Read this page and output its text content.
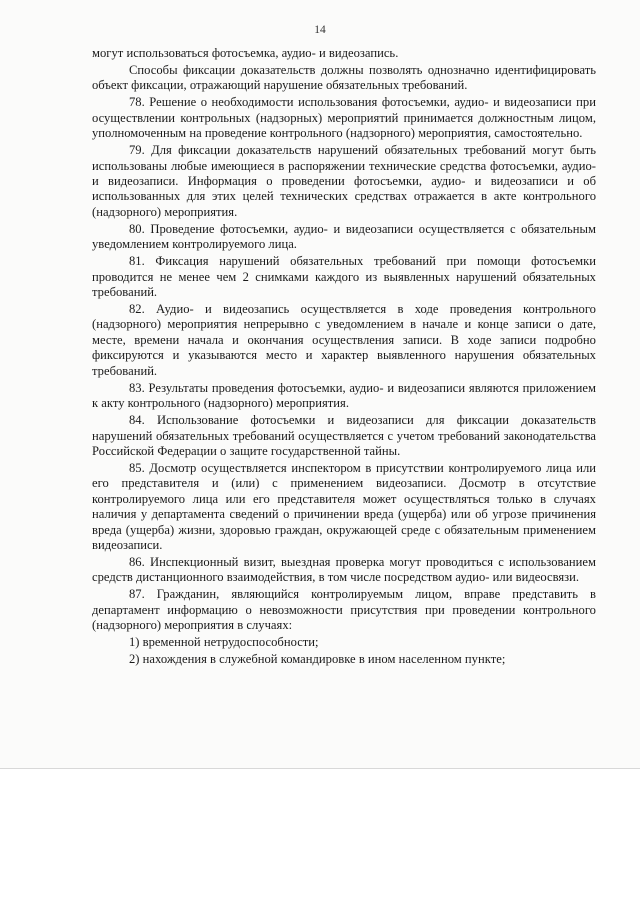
14

могут использоваться фотосъемка, аудио- и видеозапись.

Способы фиксации доказательств должны позволять однозначно идентифицировать объект фиксации, отражающий нарушение обязательных требований.

78. Решение о необходимости использования фотосъемки, аудио- и видеозаписи при осуществлении контрольных (надзорных) мероприятий принимается должностным лицом, уполномоченным на проведение контрольного (надзорного) мероприятия, самостоятельно.

79. Для фиксации доказательств нарушений обязательных требований могут быть использованы любые имеющиеся в распоряжении технические средства фотосъемки, аудио- и видеозаписи. Информация о проведении фотосъемки, аудио- и видеозаписи и об использованных для этих целей технических средствах отражается в акте контрольного (надзорного) мероприятия.

80. Проведение фотосъемки, аудио- и видеозаписи осуществляется с обязательным уведомлением контролируемого лица.

81. Фиксация нарушений обязательных требований при помощи фотосъемки проводится не менее чем 2 снимками каждого из выявленных нарушений обязательных требований.

82. Аудио- и видеозапись осуществляется в ходе проведения контрольного (надзорного) мероприятия непрерывно с уведомлением в начале и конце записи о дате, месте, времени начала и окончания осуществления записи. В ходе записи подробно фиксируются и указываются место и характер выявленного нарушения обязательных требований.

83. Результаты проведения фотосъемки, аудио- и видеозаписи являются приложением к акту контрольного (надзорного) мероприятия.

84. Использование фотосъемки и видеозаписи для фиксации доказательств нарушений обязательных требований осуществляется с учетом требований законодательства Российской Федерации о защите государственной тайны.

85. Досмотр осуществляется инспектором в присутствии контролируемого лица или его представителя и (или) с применением видеозаписи. Досмотр в отсутствие контролируемого лица или его представителя может осуществляться только в случаях наличия у департамента сведений о причинении вреда (ущерба) или об угрозе причинения вреда (ущерба) жизни, здоровью граждан, окружающей среде с обязательным применением видеозаписи.

86. Инспекционный визит, выездная проверка могут проводиться с использованием средств дистанционного взаимодействия, в том числе посредством аудио- или видеосвязи.

87. Гражданин, являющийся контролируемым лицом, вправе представить в департамент информацию о невозможности присутствия при проведении контрольного (надзорного) мероприятия в случаях:

1) временной нетрудоспособности;

2) нахождения в служебной командировке в ином населенном пункте;
